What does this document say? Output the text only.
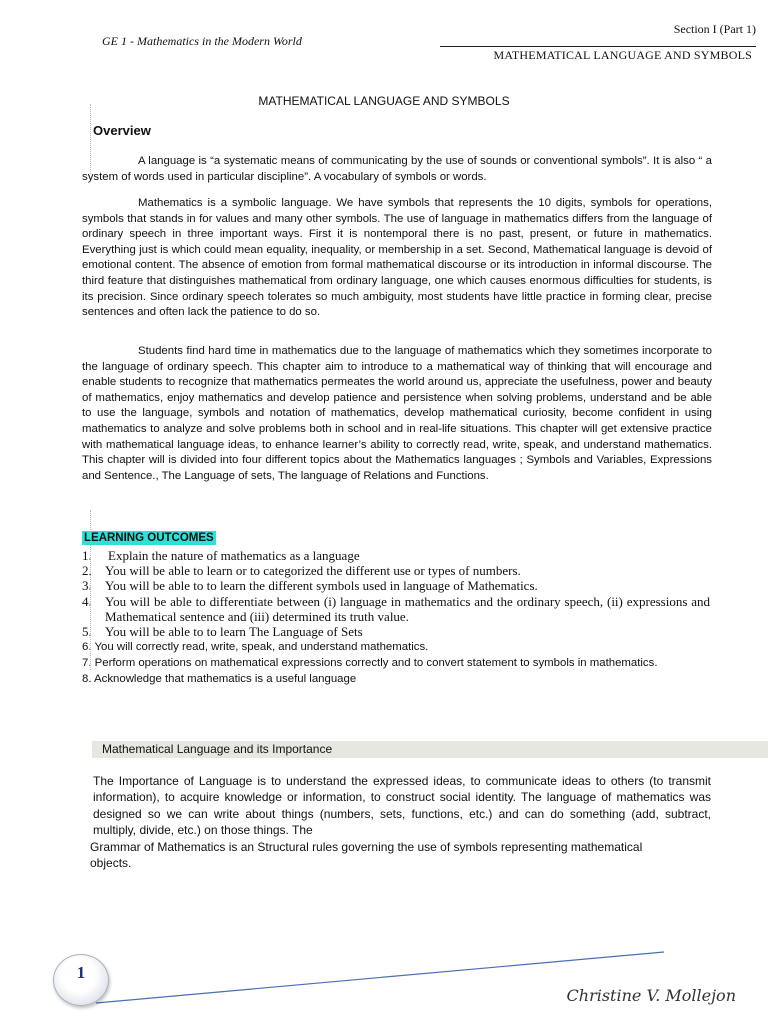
Section I (Part 1)
GE 1 - Mathematics in the Modern World
MATHEMATICAL LANGUAGE AND SYMBOLS
MATHEMATICAL LANGUAGE AND SYMBOLS
Overview
A language is “a systematic means of communicating by the use of sounds or conventional symbols”. It is also “ a system of words used in particular discipline”. A vocabulary of symbols or words.
Mathematics is a symbolic language. We have symbols that represents the 10 digits, symbols for operations, symbols that stands in for values and many other symbols. The use of language in mathematics differs from the language of ordinary speech in three important ways. First it is nontemporal there is no past, present, or future in mathematics. Everything just is which could mean equality, inequality, or membership in a set. Second, Mathematical language is devoid of emotional content. The absence of emotion from formal mathematical discourse or its introduction in informal discourse. The third feature that distinguishes mathematical from ordinary language, one which causes enormous difficulties for students, is its precision. Since ordinary speech tolerates so much ambiguity, most students have little practice in forming clear, precise sentences and often lack the patience to do so.
Students find hard time in mathematics due to the language of mathematics which they sometimes incorporate to the language of ordinary speech. This chapter aim to introduce to a mathematical way of thinking that will encourage and enable students to recognize that mathematics permeates the world around us, appreciate the usefulness, power and beauty of mathematics, enjoy mathematics and develop patience and persistence when solving problems, understand and be able to use the language, symbols and notation of mathematics, develop mathematical curiosity, become confident in using mathematics to analyze and solve problems both in school and in real-life situations. This chapter will get extensive practice with mathematical language ideas, to enhance learner’s ability to correctly read, write, speak, and understand mathematics. This chapter will is divided into four different topics about the Mathematics languages ; Symbols and Variables, Expressions and Sentence., The Language of sets, The language of Relations and Functions.
LEARNING OUTCOMES
1. Explain the nature of mathematics as a language
2. You will be able to learn or to categorized the different use or types of numbers.
3. You will be able to to learn the different symbols used in language of Mathematics.
4. You will be able to differentiate between (i) language in mathematics and the ordinary speech, (ii) expressions and Mathematical sentence and (iii) determined its truth value.
5. You will be able to to learn The Language of Sets
6. You will correctly read, write, speak, and understand mathematics.
7. Perform operations on mathematical expressions correctly and to convert statement to symbols in mathematics.
8. Acknowledge that mathematics is a useful language
Mathematical Language and its Importance
The Importance of Language is to understand the expressed ideas, to communicate ideas to others (to transmit information), to acquire knowledge or information, to construct social identity. The language of mathematics was designed so we can write about things (numbers, sets, functions, etc.) and can do something (add, subtract, multiply, divide, etc.) on those things. The
Grammar of Mathematics is an Structural rules governing the use of symbols representing mathematical objects.
1
Christine V. Mollejon
